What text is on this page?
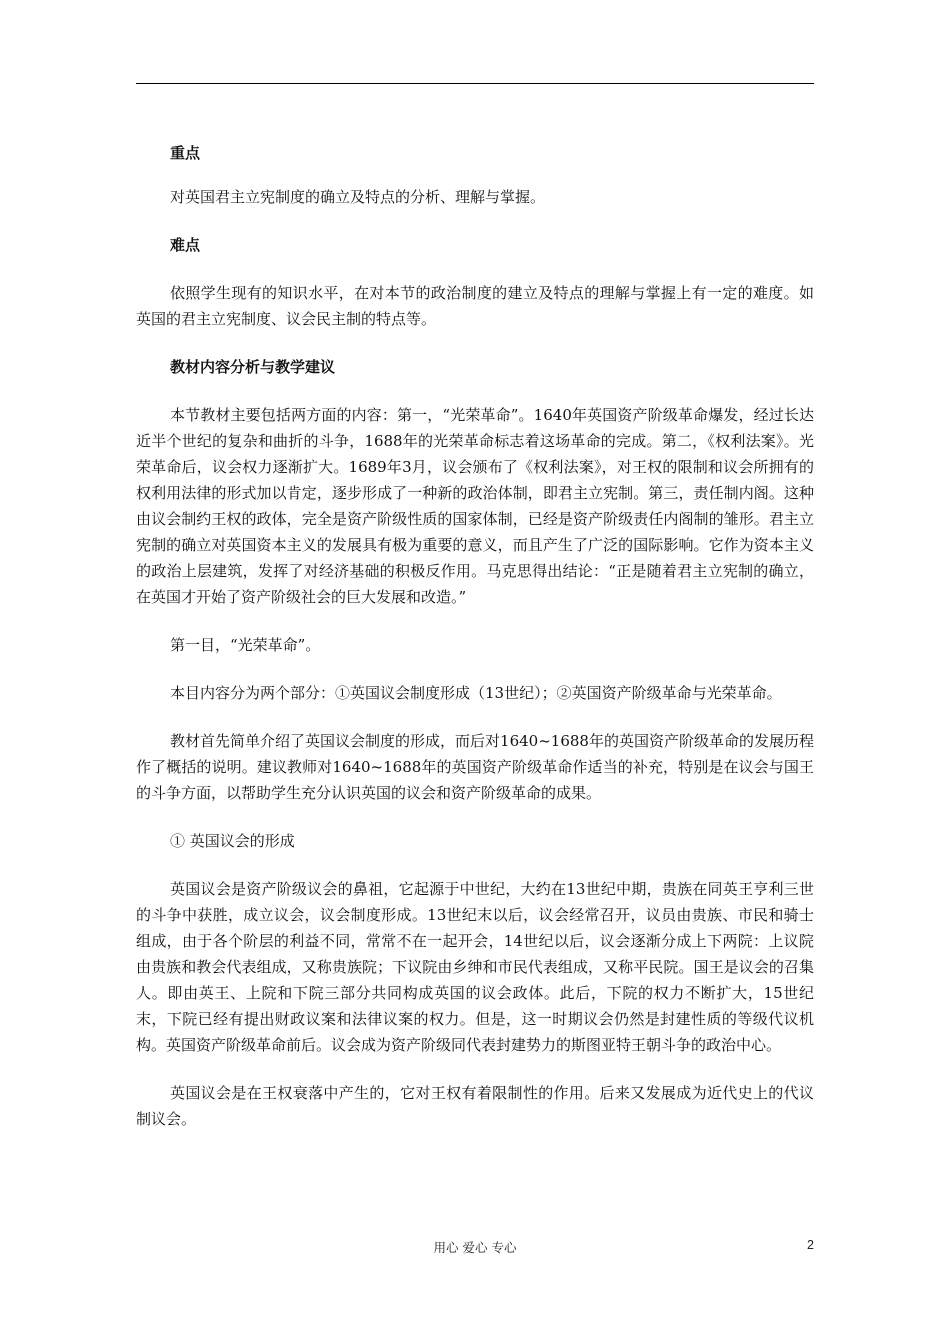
重点

对英国君主立宪制度的确立及特点的分析、理解与掌握。

难点

依照学生现有的知识水平，在对本节的政治制度的建立及特点的理解与掌握上有一定的难度。如英国的君主立宪制度、议会民主制的特点等。

教材内容分析与教学建议

本节教材主要包括两方面的内容：第一，“光荣革命”。1640年英国资产阶级革命爆发，经过长达近半个世纪的复杂和曲折的斗争，1688年的光荣革命标志着这场革命的完成。第二，《权利法案》。光荣革命后，议会权力逐渐扩大。1689年3月，议会颁布了《权利法案》，对王权的限制和议会所拥有的权利用法律的形式加以肯定，逐步形成了一种新的政治体制，即君主立宪制。第三，责任制内阁。这种由议会制约王权的政体，完全是资产阶级性质的国家体制，已经是资产阶级责任内阁制的雏形。君主立宪制的确立对英国资本主义的发展具有极为重要的意义，而且产生了广泛的国际影响。它作为资本主义的政治上层建筑，发挥了对经济基础的积极反作用。马克思得出结论：“正是随着君主立宪制的确立，在英国才开始了资产阶级社会的巨大发展和改造。”

第一目，“光荣革命”。

本目内容分为两个部分：①英国议会制度形成（13世纪）；②英国资产阶级革命与光荣革命。

教材首先简单介绍了英国议会制度的形成，而后对1640~1688年的英国资产阶级革命的发展历程作了概括的说明。建议教师对1640~1688年的英国资产阶级革命作适当的补充，特别是在议会与国王的斗争方面，以帮助学生充分认识英国的议会和资产阶级革命的成果。

① 英国议会的形成

英国议会是资产阶级议会的鼻祖，它起源于中世纪，大约在13世纪中期，贵族在同英王亨利三世的斗争中获胜，成立议会，议会制度形成。13世纪末以后，议会经常召开，议员由贵族、市民和骑士组成，由于各个阶层的利益不同，常常不在一起开会，14世纪以后，议会逐渐分成上下两院：上议院由贵族和教会代表组成，又称贵族院；下议院由乡绅和市民代表组成，又称平民院。国王是议会的召集人。即由英王、上院和下院三部分共同构成英国的议会政体。此后，下院的权力不断扩大，15世纪末，下院已经有提出财政议案和法律议案的权力。但是，这一时期议会仍然是封建性质的等级代议机构。英国资产阶级革命前后。议会成为资产阶级同代表封建势力的斯图亚特王朝斗争的政治中心。

英国议会是在王权衰落中产生的，它对王权有着限制性的作用。后来又发展成为近代史上的代议制议会。

用心 爱心 专心	2
